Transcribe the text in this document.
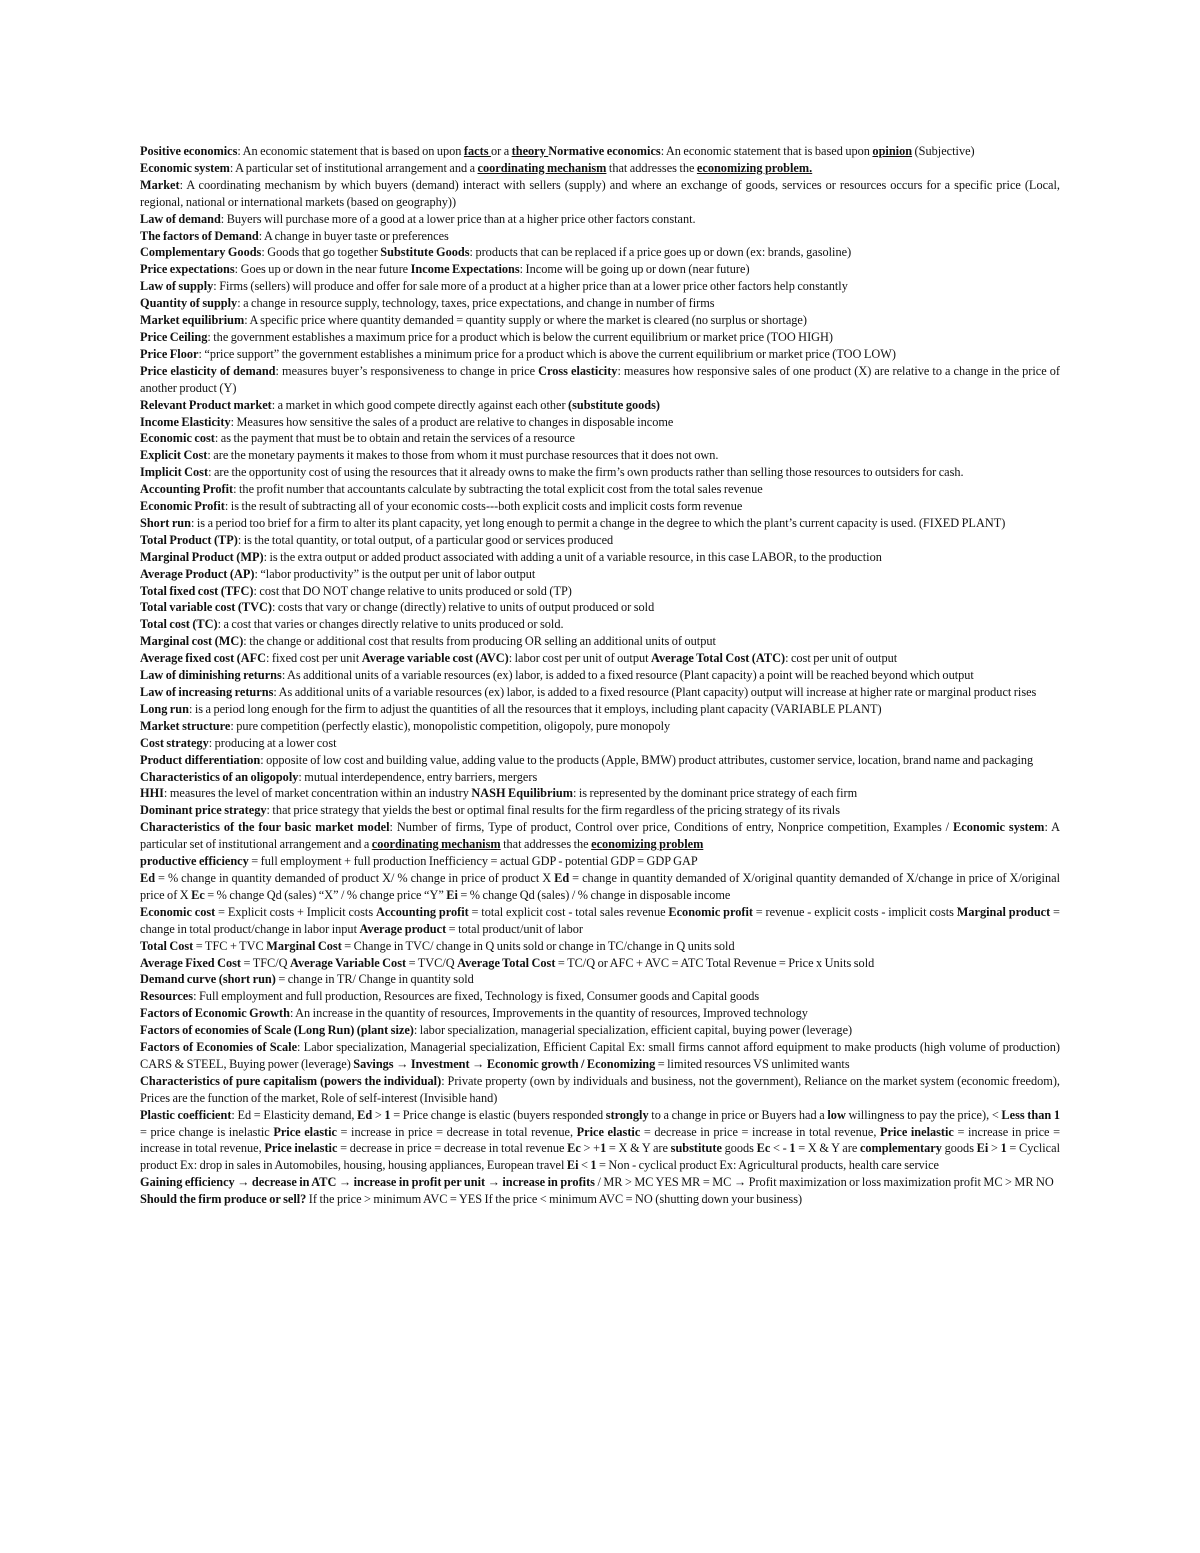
Positive economics: An economic statement that is based on upon facts or a theory Normative economics: An economic statement that is based upon opinion (Subjective)

Economic system: A particular set of institutional arrangement and a coordinating mechanism that addresses the economizing problem.

Market: A coordinating mechanism by which buyers (demand) interact with sellers (supply) and where an exchange of goods, services or resources occurs for a specific price (Local, regional, national or international markets (based on geography))

Law of demand: Buyers will purchase more of a good at a lower price than at a higher price other factors constant.

The factors of Demand: A change in buyer taste or preferences

Complementary Goods: Goods that go together Substitute Goods: products that can be replaced if a price goes up or down (ex: brands, gasoline)

Price expectations: Goes up or down in the near future Income Expectations: Income will be going up or down (near future)

Law of supply: Firms (sellers) will produce and offer for sale more of a product at a higher price than at a lower price other factors help constantly

Quantity of supply: a change in resource supply, technology, taxes, price expectations, and change in number of firms

Market equilibrium: A specific price where quantity demanded = quantity supply or where the market is cleared (no surplus or shortage)

Price Ceiling: the government establishes a maximum price for a product which is below the current equilibrium or market price (TOO HIGH)

Price Floor: “price support” the government establishes a minimum price for a product which is above the current equilibrium or market price (TOO LOW)

Price elasticity of demand: measures buyer’s responsiveness to change in price Cross elasticity: measures how responsive sales of one product (X) are relative to a change in the price of another product (Y)

Relevant Product market: a market in which good compete directly against each other (substitute goods)

Income Elasticity: Measures how sensitive the sales of a product are relative to changes in disposable income

Economic cost: as the payment that must be to obtain and retain the services of a resource

Explicit Cost: are the monetary payments it makes to those from whom it must purchase resources that it does not own.

Implicit Cost: are the opportunity cost of using the resources that it already owns to make the firm’s own products rather than selling those resources to outsiders for cash.

Accounting Profit: the profit number that accountants calculate by subtracting the total explicit cost from the total sales revenue

Economic Profit: is the result of subtracting all of your economic costs---both explicit costs and implicit costs form revenue

Short run: is a period too brief for a firm to alter its plant capacity, yet long enough to permit a change in the degree to which the plant’s current capacity is used. (FIXED PLANT)

Total Product (TP): is the total quantity, or total output, of a particular good or services produced

Marginal Product (MP): is the extra output or added product associated with adding a unit of a variable resource, in this case LABOR, to the production

Average Product (AP): “labor productivity” is the output per unit of labor output

Total fixed cost (TFC): cost that DO NOT change relative to units produced or sold (TP)

Total variable cost (TVC): costs that vary or change (directly) relative to units of output produced or sold

Total cost (TC): a cost that varies or changes directly relative to units produced or sold.

Marginal cost (MC): the change or additional cost that results from producing OR selling an additional units of output

Average fixed cost (AFC: fixed cost per unit Average variable cost (AVC): labor cost per unit of output Average Total Cost (ATC): cost per unit of output

Law of diminishing returns: As additional units of a variable resources (ex) labor, is added to a fixed resource (Plant capacity) a point will be reached beyond which output

Law of increasing returns: As additional units of a variable resources (ex) labor, is added to a fixed resource (Plant capacity) output will increase at higher rate or marginal product rises

Long run: is a period long enough for the firm to adjust the quantities of all the resources that it employs, including plant capacity (VARIABLE PLANT)

Market structure: pure competition (perfectly elastic), monopolistic competition, oligopoly, pure monopoly

Cost strategy: producing at a lower cost

Product differentiation: opposite of low cost and building value, adding value to the products (Apple, BMW) product attributes, customer service, location, brand name and packaging

Characteristics of an oligopoly: mutual interdependence, entry barriers, mergers

HHI: measures the level of market concentration within an industry NASH Equilibrium: is represented by the dominant price strategy of each firm

Dominant price strategy: that price strategy that yields the best or optimal final results for the firm regardless of the pricing strategy of its rivals

Characteristics of the four basic market model: Number of firms, Type of product, Control over price, Conditions of entry, Nonprice competition, Examples / Economic system: A particular set of institutional arrangement and a coordinating mechanism that addresses the economizing problem

productive efficiency = full employment + full production Inefficiency = actual GDP - potential GDP = GDP GAP

Ed = % change in quantity demanded of product X/ % change in price of product X Ed = change in quantity demanded of X/original quantity demanded of X/change in price of X/original price of X Ec = % change Qd (sales) “X” / % change price “Y” Ei = % change Qd (sales) / % change in disposable income

Economic cost = Explicit costs + Implicit costs Accounting profit = total explicit cost - total sales revenue Economic profit = revenue - explicit costs - implicit costs Marginal product = change in total product/change in labor input Average product = total product/unit of labor

Total Cost = TFC + TVC Marginal Cost = Change in TVC/ change in Q units sold or change in TC/change in Q units sold

Average Fixed Cost = TFC/Q Average Variable Cost = TVC/Q Average Total Cost = TC/Q or AFC + AVC = ATC Total Revenue = Price x Units sold

Demand curve (short run) = change in TR/ Change in quantity sold

Resources: Full employment and full production, Resources are fixed, Technology is fixed, Consumer goods and Capital goods

Factors of Economic Growth: An increase in the quantity of resources, Improvements in the quantity of resources, Improved technology

Factors of economies of Scale (Long Run) (plant size): labor specialization, managerial specialization, efficient capital, buying power (leverage)

Factors of Economies of Scale: Labor specialization, Managerial specialization, Efficient Capital Ex: small firms cannot afford equipment to make products (high volume of production) CARS & STEEL, Buying power (leverage) Savings → Investment → Economic growth / Economizing = limited resources VS unlimited wants

Characteristics of pure capitalism (powers the individual): Private property (own by individuals and business, not the government), Reliance on the market system (economic freedom), Prices are the function of the market, Role of self-interest (Invisible hand)

Plastic coefficient: Ed = Elasticity demand, Ed > 1 = Price change is elastic (buyers responded strongly to a change in price or Buyers had a low willingness to pay the price), < Less than 1 = price change is inelastic Price elastic = increase in price = decrease in total revenue, Price elastic = decrease in price = increase in total revenue, Price inelastic = increase in price = increase in total revenue, Price inelastic = decrease in price = decrease in total revenue Ec > +1 = X & Y are substitute goods Ec < - 1 = X & Y are complementary goods Ei > 1 = Cyclical product Ex: drop in sales in Automobiles, housing, housing appliances, European travel Ei < 1 = Non - cyclical product Ex: Agricultural products, health care service

Gaining efficiency → decrease in ATC → increase in profit per unit → increase in profits / MR > MC YES MR = MC → Profit maximization or loss maximization profit MC > MR NO

Should the firm produce or sell? If the price > minimum AVC = YES If the price < minimum AVC = NO (shutting down your business)
